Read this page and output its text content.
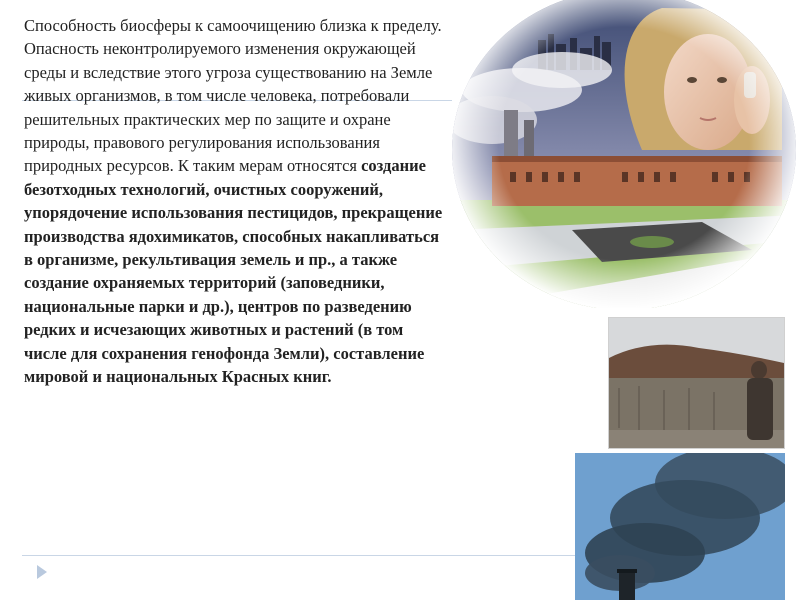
Способность биосферы к самоочищению близка к пределу. Опасность неконтролируемого изменения окружающей среды и вследствие этого угроза существованию на Земле живых организмов, в том числе человека, потребовали решительных практических мер по защите и охране природы, правового регулирования использования природных ресурсов. К таким мерам относятся создание безотходных технологий, очистных сооружений, упорядочение использования пестицидов, прекращение производства ядохимикатов, способных накапливаться в организме, рекультивация земель и пр., а также создание охраняемых территорий (заповедники, национальные парки и др.), центров по разведению редких и исчезающих животных и растений (в том числе для сохранения генофонда Земли), составление мировой и национальных Красных книг.
